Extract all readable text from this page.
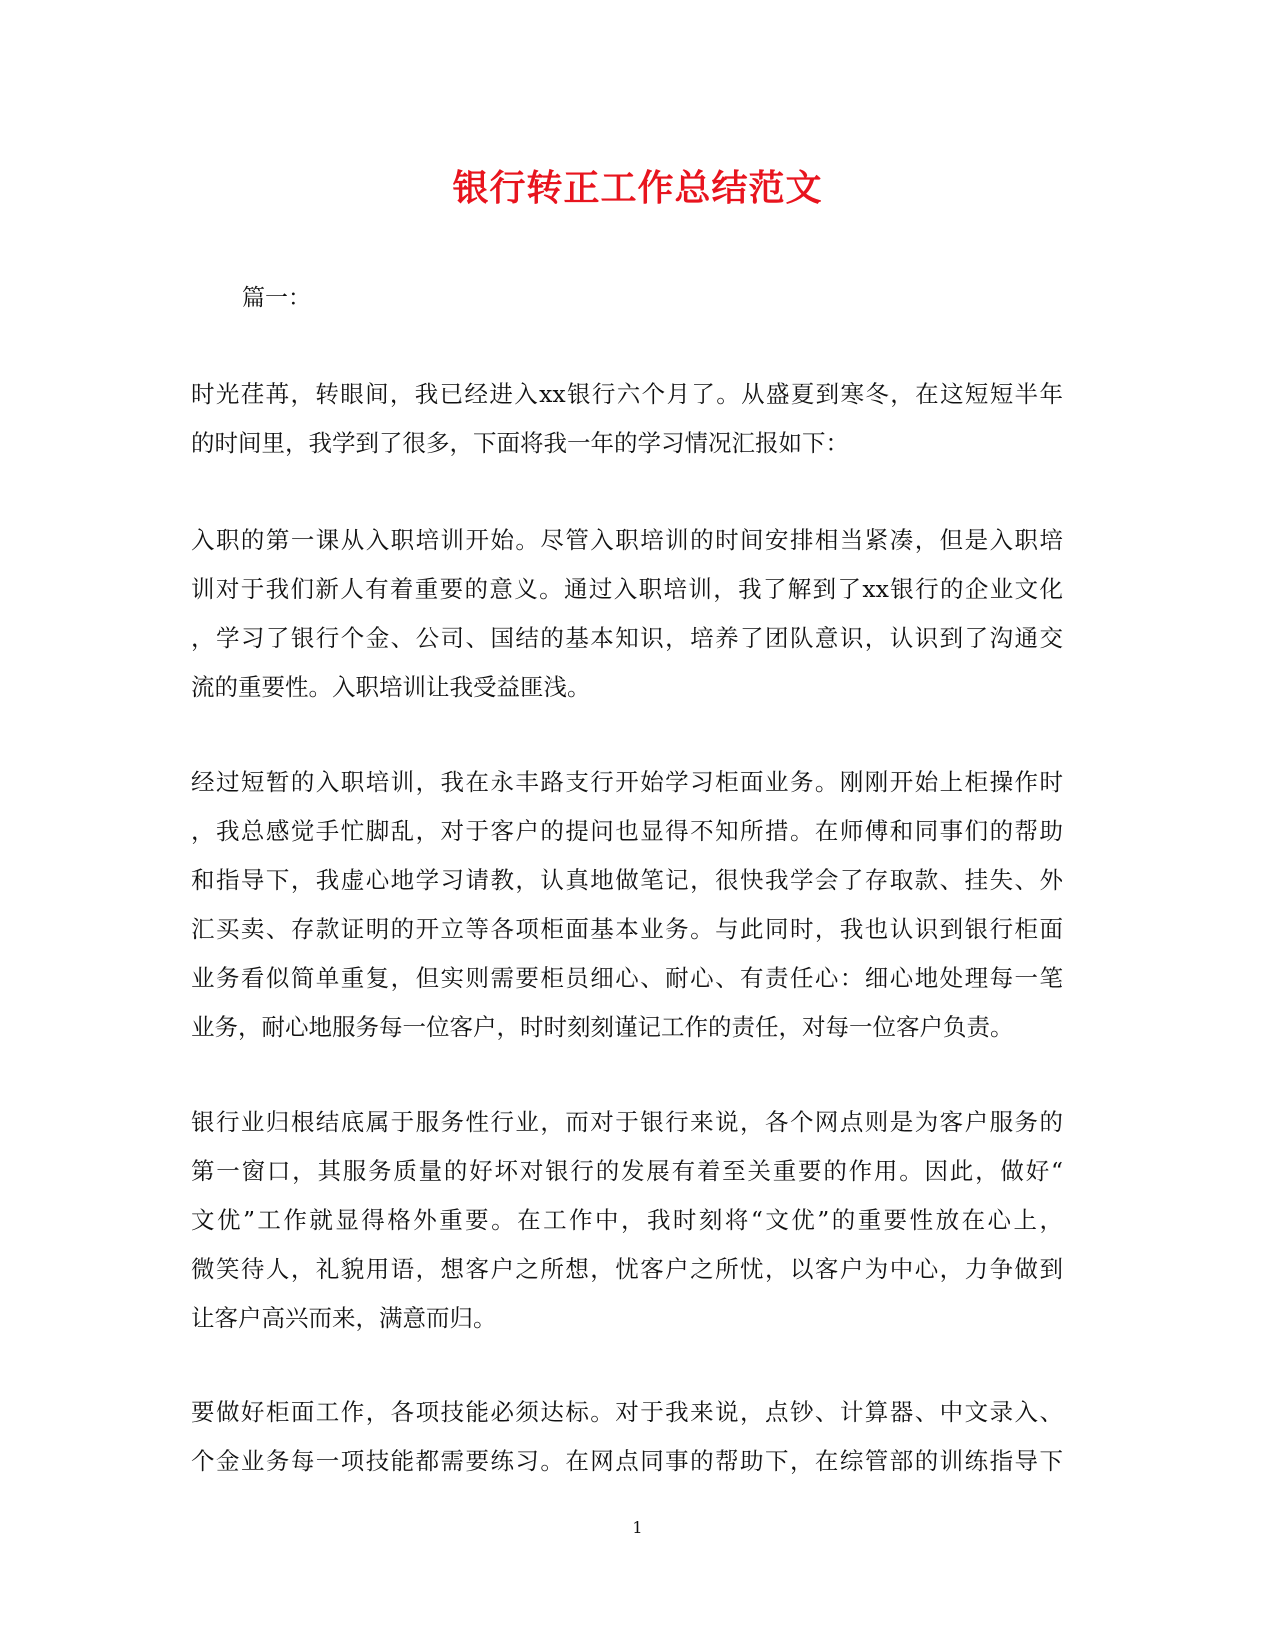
银行转正工作总结范文
篇一：

时光荏苒，转眼间，我已经进入xx银行六个月了。从盛夏到寒冬，在这短短半年
的时间里，我学到了很多，下面将我一年的学习情况汇报如下：

入职的第一课从入职培训开始。尽管入职培训的时间安排相当紧凑，但是入职培
训对于我们新人有着重要的意义。通过入职培训，我了解到了xx银行的企业文化
，学习了银行个金、公司、国结的基本知识，培养了团队意识，认识到了沟通交
流的重要性。入职培训让我受益匪浅。

经过短暂的入职培训，我在永丰路支行开始学习柜面业务。刚刚开始上柜操作时
，我总感觉手忙脚乱，对于客户的提问也显得不知所措。在师傅和同事们的帮助
和指导下，我虚心地学习请教，认真地做笔记，很快我学会了存取款、挂失、外
汇买卖、存款证明的开立等各项柜面基本业务。与此同时，我也认识到银行柜面
业务看似简单重复，但实则需要柜员细心、耐心、有责任心：细心地处理每一笔
业务，耐心地服务每一位客户，时时刻刻谨记工作的责任，对每一位客户负责。

银行业归根结底属于服务性行业，而对于银行来说，各个网点则是为客户服务的
第一窗口，其服务质量的好坏对银行的发展有着至关重要的作用。因此，做好“
文优”工作就显得格外重要。在工作中，我时刻将“文优”的重要性放在心上，
微笑待人，礼貌用语，想客户之所想，忧客户之所忧，以客户为中心，力争做到
让客户高兴而来，满意而归。

要做好柜面工作，各项技能必须达标。对于我来说，点钞、计算器、中文录入、
个金业务每一项技能都需要练习。在网点同事的帮助下，在综管部的训练指导下

1
